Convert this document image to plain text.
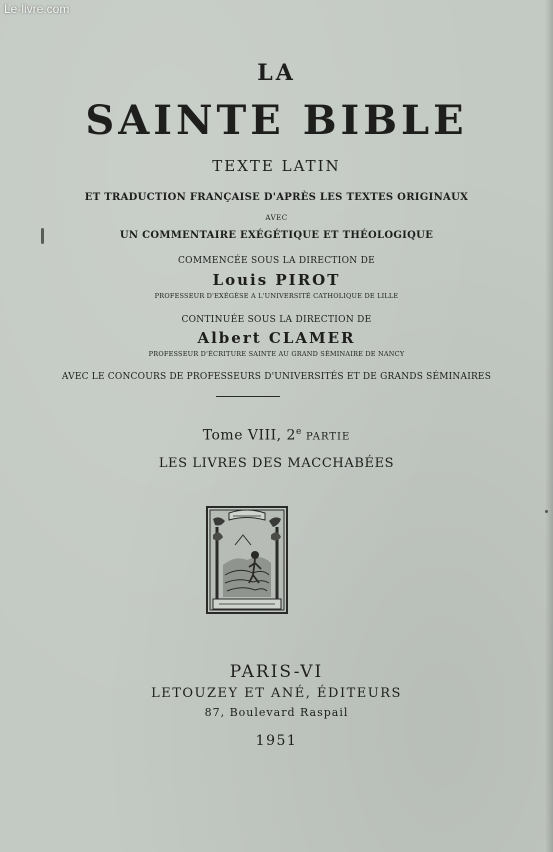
Le-livre.com

LA

SAINTE BIBLE

TEXTE LATIN

ET TRADUCTION FRANÇAISE D'APRÈS LES TEXTES ORIGINAUX

AVEC

UN COMMENTAIRE EXÉGÉTIQUE ET THÉOLOGIQUE

COMMENCÉE SOUS LA DIRECTION DE

Louis PIROT

PROFESSEUR D'EXÉGÈSE A L'UNIVERSITÉ CATHOLIQUE DE LILLE

CONTINUÉE SOUS LA DIRECTION DE

Albert CLAMER

PROFESSEUR D'ÉCRITURE SAINTE AU GRAND SÉMINAIRE DE NANCY

AVEC LE CONCOURS DE PROFESSEURS D'UNIVERSITÉS ET DE GRANDS SÉMINAIRES

Tome VIII, 2e PARTIE

LES LIVRES DES MACCHABÉES

PARIS-VI

LETOUZEY ET ANÉ, ÉDITEURS

87, Boulevard Raspail

1951
